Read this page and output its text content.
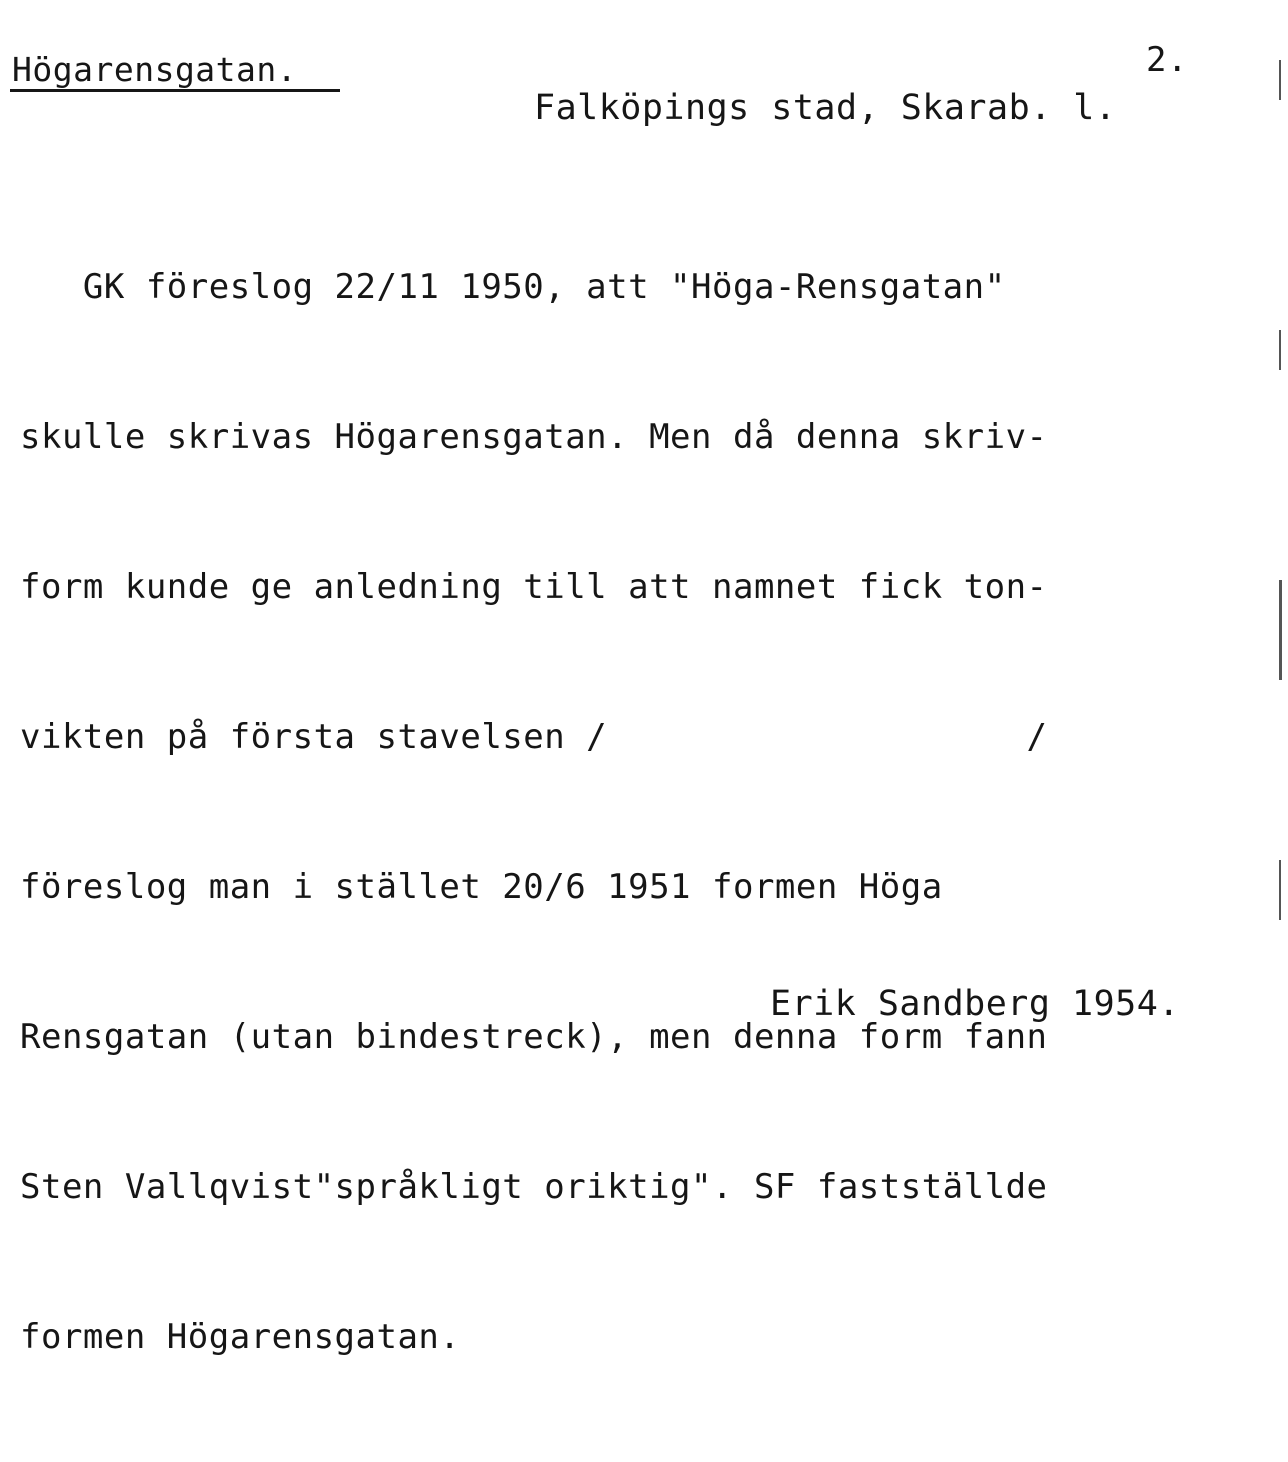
Högarensgatan.	2.
Falköpings stad, Skarab. l.

GK föreslog 22/11 1950, att "Höga-Rensgatan"

skulle skrivas Högarensgatan. Men då denna skriv-

form kunde ge anledning till att namnet fick ton-

vikten på första stavelsen /                    /

föreslog man i stället 20/6 1951 formen Höga

Rensgatan (utan bindestreck), men denna form fann

Sten Vallqvist"språkligt oriktig". SF fastställde

formen Högarensgatan.

Erik Sandberg 1954.
